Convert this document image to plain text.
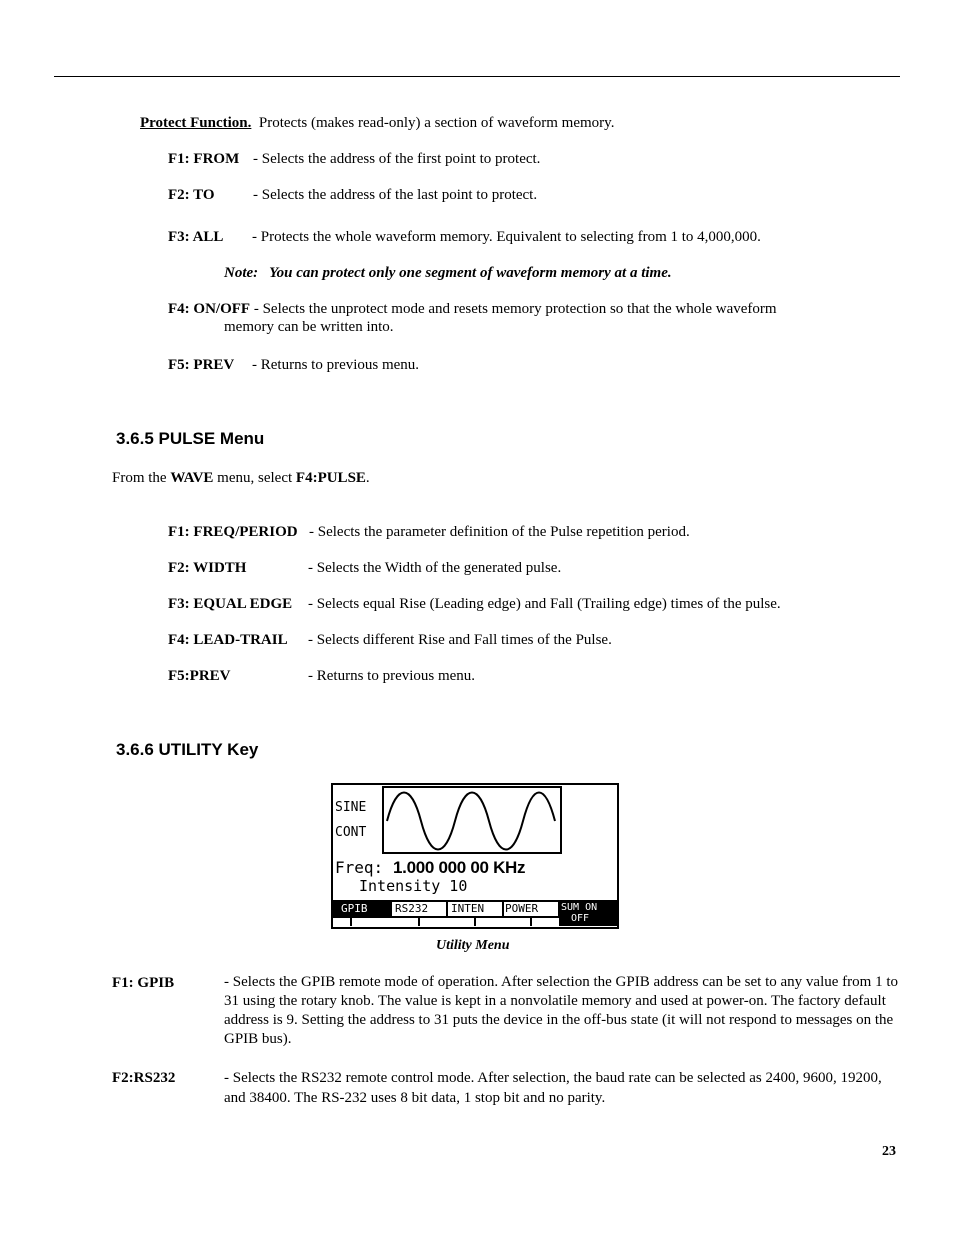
Protect Function. Protects (makes read-only) a section of waveform memory.
F1: FROM - Selects the address of the first point to protect.
F2: TO	- Selects the address of the last point to protect.
F3: ALL - Protects the whole waveform memory. Equivalent to selecting from 1 to 4,000,000.
Note: You can protect only one segment of waveform memory at a time.
F4: ON/OFF - Selects the unprotect mode and resets memory protection so that the whole waveform
memory can be written into.
F5: PREV - Returns to previous menu.
3.6.5 PULSE Menu
From the WAVE menu, select F4:PULSE.
F1: FREQ/PERIOD - Selects the parameter definition of the Pulse repetition period.
F2: WIDTH	- Selects the Width of the generated pulse.
F3: EQUAL EDGE - Selects equal Rise (Leading edge) and Fall (Trailing edge) times of the pulse.
F4: LEAD-TRAIL - Selects different Rise and Fall times of the Pulse.
F5:PREV	- Returns to previous menu.
3.6.6 UTILITY Key
SINE
CONT
Freq: 1.000 000 00 KHz
Intensity 10
GPIB	RS232 INTEN POWER SUM ON
OFF
Utility Menu
F1: GPIB	- Selects the GPIB remote mode of operation. After selection the GPIB address can be set to any value from 1 to 31 using the rotary knob. The value is kept in a nonvolatile memory and used at power-on. The factory default address is 9. Setting the address to 31 puts the device in the off-bus state (it will not respond to messages on the GPIB bus).
F2:RS232	- Selects the RS232 remote control mode. After selection, the baud rate can be selected as 2400, 9600, 19200, and 38400. The RS-232 uses 8 bit data, 1 stop bit and no parity.
23
